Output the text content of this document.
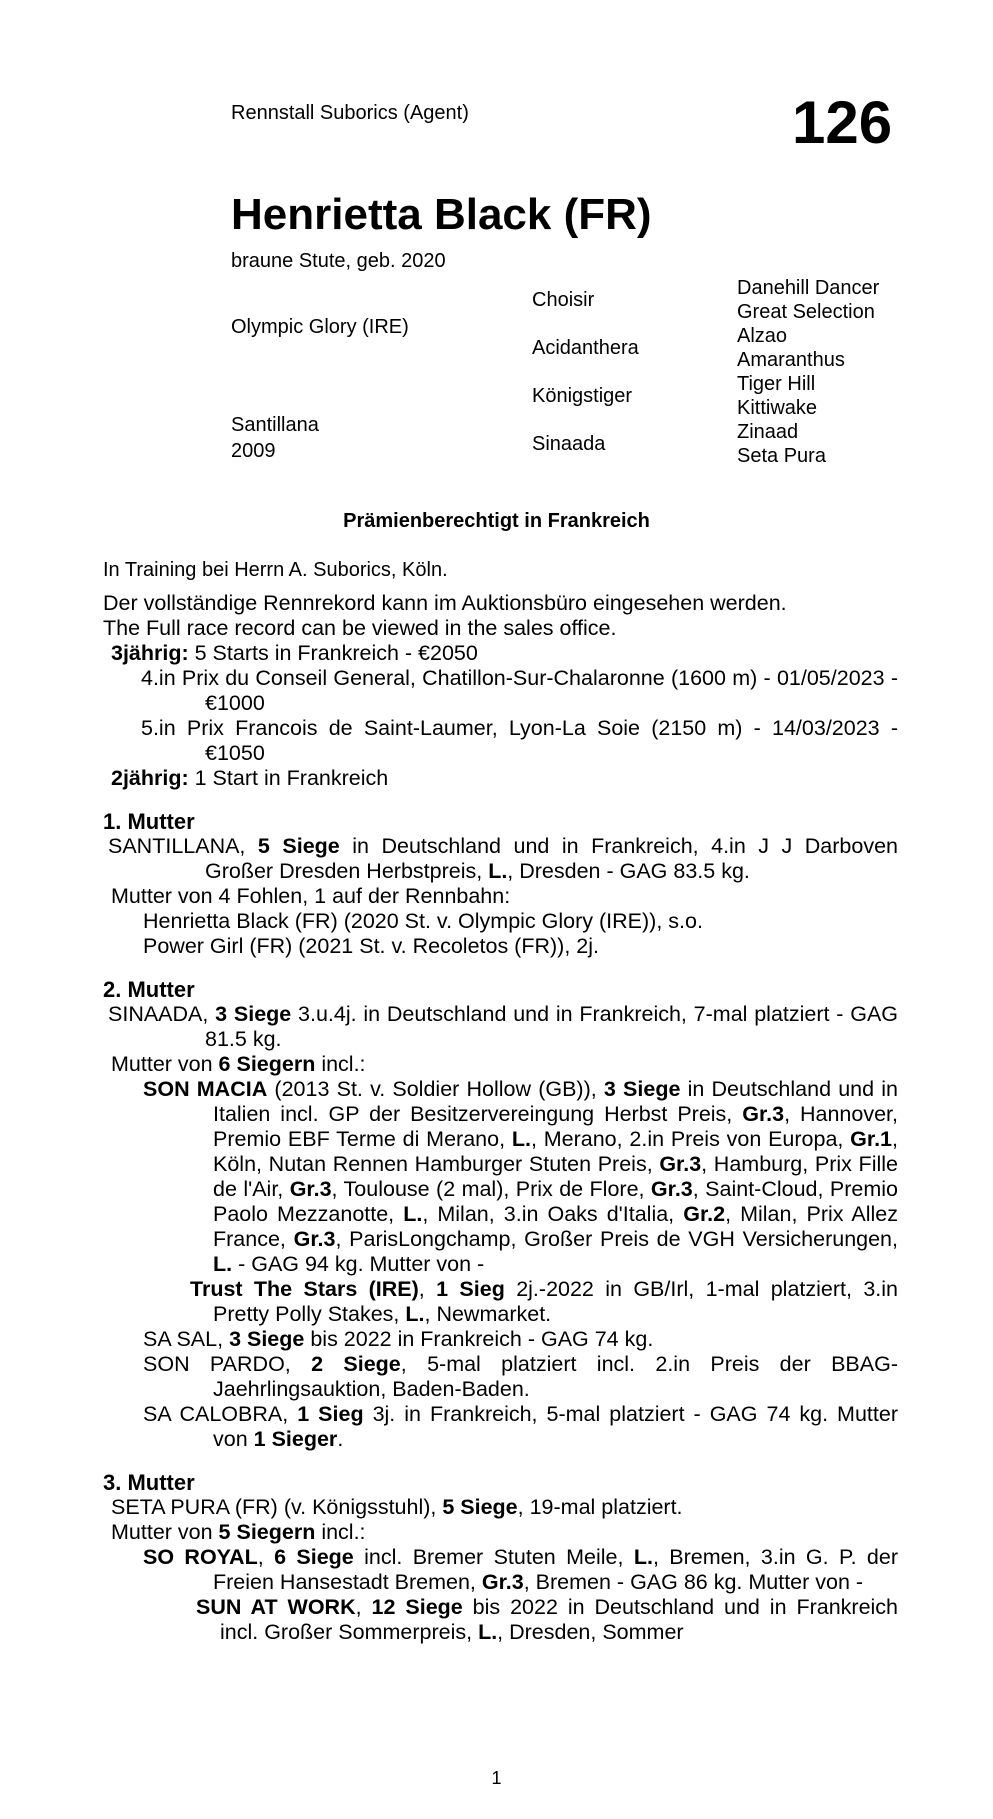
Rennstall Suborics (Agent)	126
Henrietta Black (FR)
braune Stute, geb. 2020
Olympic Glory (IRE)
Santillana
2009
Choisir
Acidanthera
Königstiger
Sinaada
Danehill Dancer
Great Selection
Alzao
Amaranthus
Tiger Hill
Kittiwake
Zinaad
Seta Pura
Prämienberechtigt in Frankreich

In Training bei Herrn A. Suborics, Köln.

Der vollständige Rennrekord kann im Auktionsbüro eingesehen werden.

The Full race record can be viewed in the sales office.

3jährig: 5 Starts in Frankreich - €2050

4.in Prix du Conseil General, Chatillon-Sur-Chalaronne (1600 m) - 01/05/2023 - €1000

5.in Prix Francois de Saint-Laumer, Lyon-La Soie (2150 m) - 14/03/2023 - €1050

2jährig: 1 Start in Frankreich

1. Mutter

SANTILLANA, 5 Siege in Deutschland und in Frankreich, 4.in J J Darboven Großer Dresden Herbstpreis, L., Dresden - GAG 83.5 kg.

Mutter von 4 Fohlen, 1 auf der Rennbahn:

Henrietta Black (FR) (2020 St. v. Olympic Glory (IRE)), s.o.

Power Girl (FR) (2021 St. v. Recoletos (FR)), 2j.

2. Mutter

SINAADA, 3 Siege 3.u.4j. in Deutschland und in Frankreich, 7-mal platziert - GAG 81.5 kg.

Mutter von 6 Siegern incl.:

SON MACIA (2013 St. v. Soldier Hollow (GB)), 3 Siege in Deutschland und in Italien incl. GP der Besitzervereingung Herbst Preis, Gr.3, Hannover, Premio EBF Terme di Merano, L., Merano, 2.in Preis von Europa, Gr.1, Köln, Nutan Rennen Hamburger Stuten Preis, Gr.3, Hamburg, Prix Fille de l'Air, Gr.3, Toulouse (2 mal), Prix de Flore, Gr.3, Saint-Cloud, Premio Paolo Mezzanotte, L., Milan, 3.in Oaks d'Italia, Gr.2, Milan, Prix Allez France, Gr.3, ParisLongchamp, Großer Preis de VGH Versicherungen, L. - GAG 94 kg. Mutter von -

Trust The Stars (IRE), 1 Sieg 2j.-2022 in GB/Irl, 1-mal platziert, 3.in Pretty Polly Stakes, L., Newmarket.

SA SAL, 3 Siege bis 2022 in Frankreich - GAG 74 kg.

SON PARDO, 2 Siege, 5-mal platziert incl. 2.in Preis der BBAG-Jaehrlingsauktion, Baden-Baden.

SA CALOBRA, 1 Sieg 3j. in Frankreich, 5-mal platziert - GAG 74 kg. Mutter von 1 Sieger.

3. Mutter

SETA PURA (FR) (v. Königsstuhl), 5 Siege, 19-mal platziert.

Mutter von 5 Siegern incl.:

SO ROYAL, 6 Siege incl. Bremer Stuten Meile, L., Bremen, 3.in G. P. der Freien Hansestadt Bremen, Gr.3, Bremen - GAG 86 kg. Mutter von -

SUN AT WORK, 12 Siege bis 2022 in Deutschland und in Frankreich incl. Großer Sommerpreis, L., Dresden, Sommer

1
